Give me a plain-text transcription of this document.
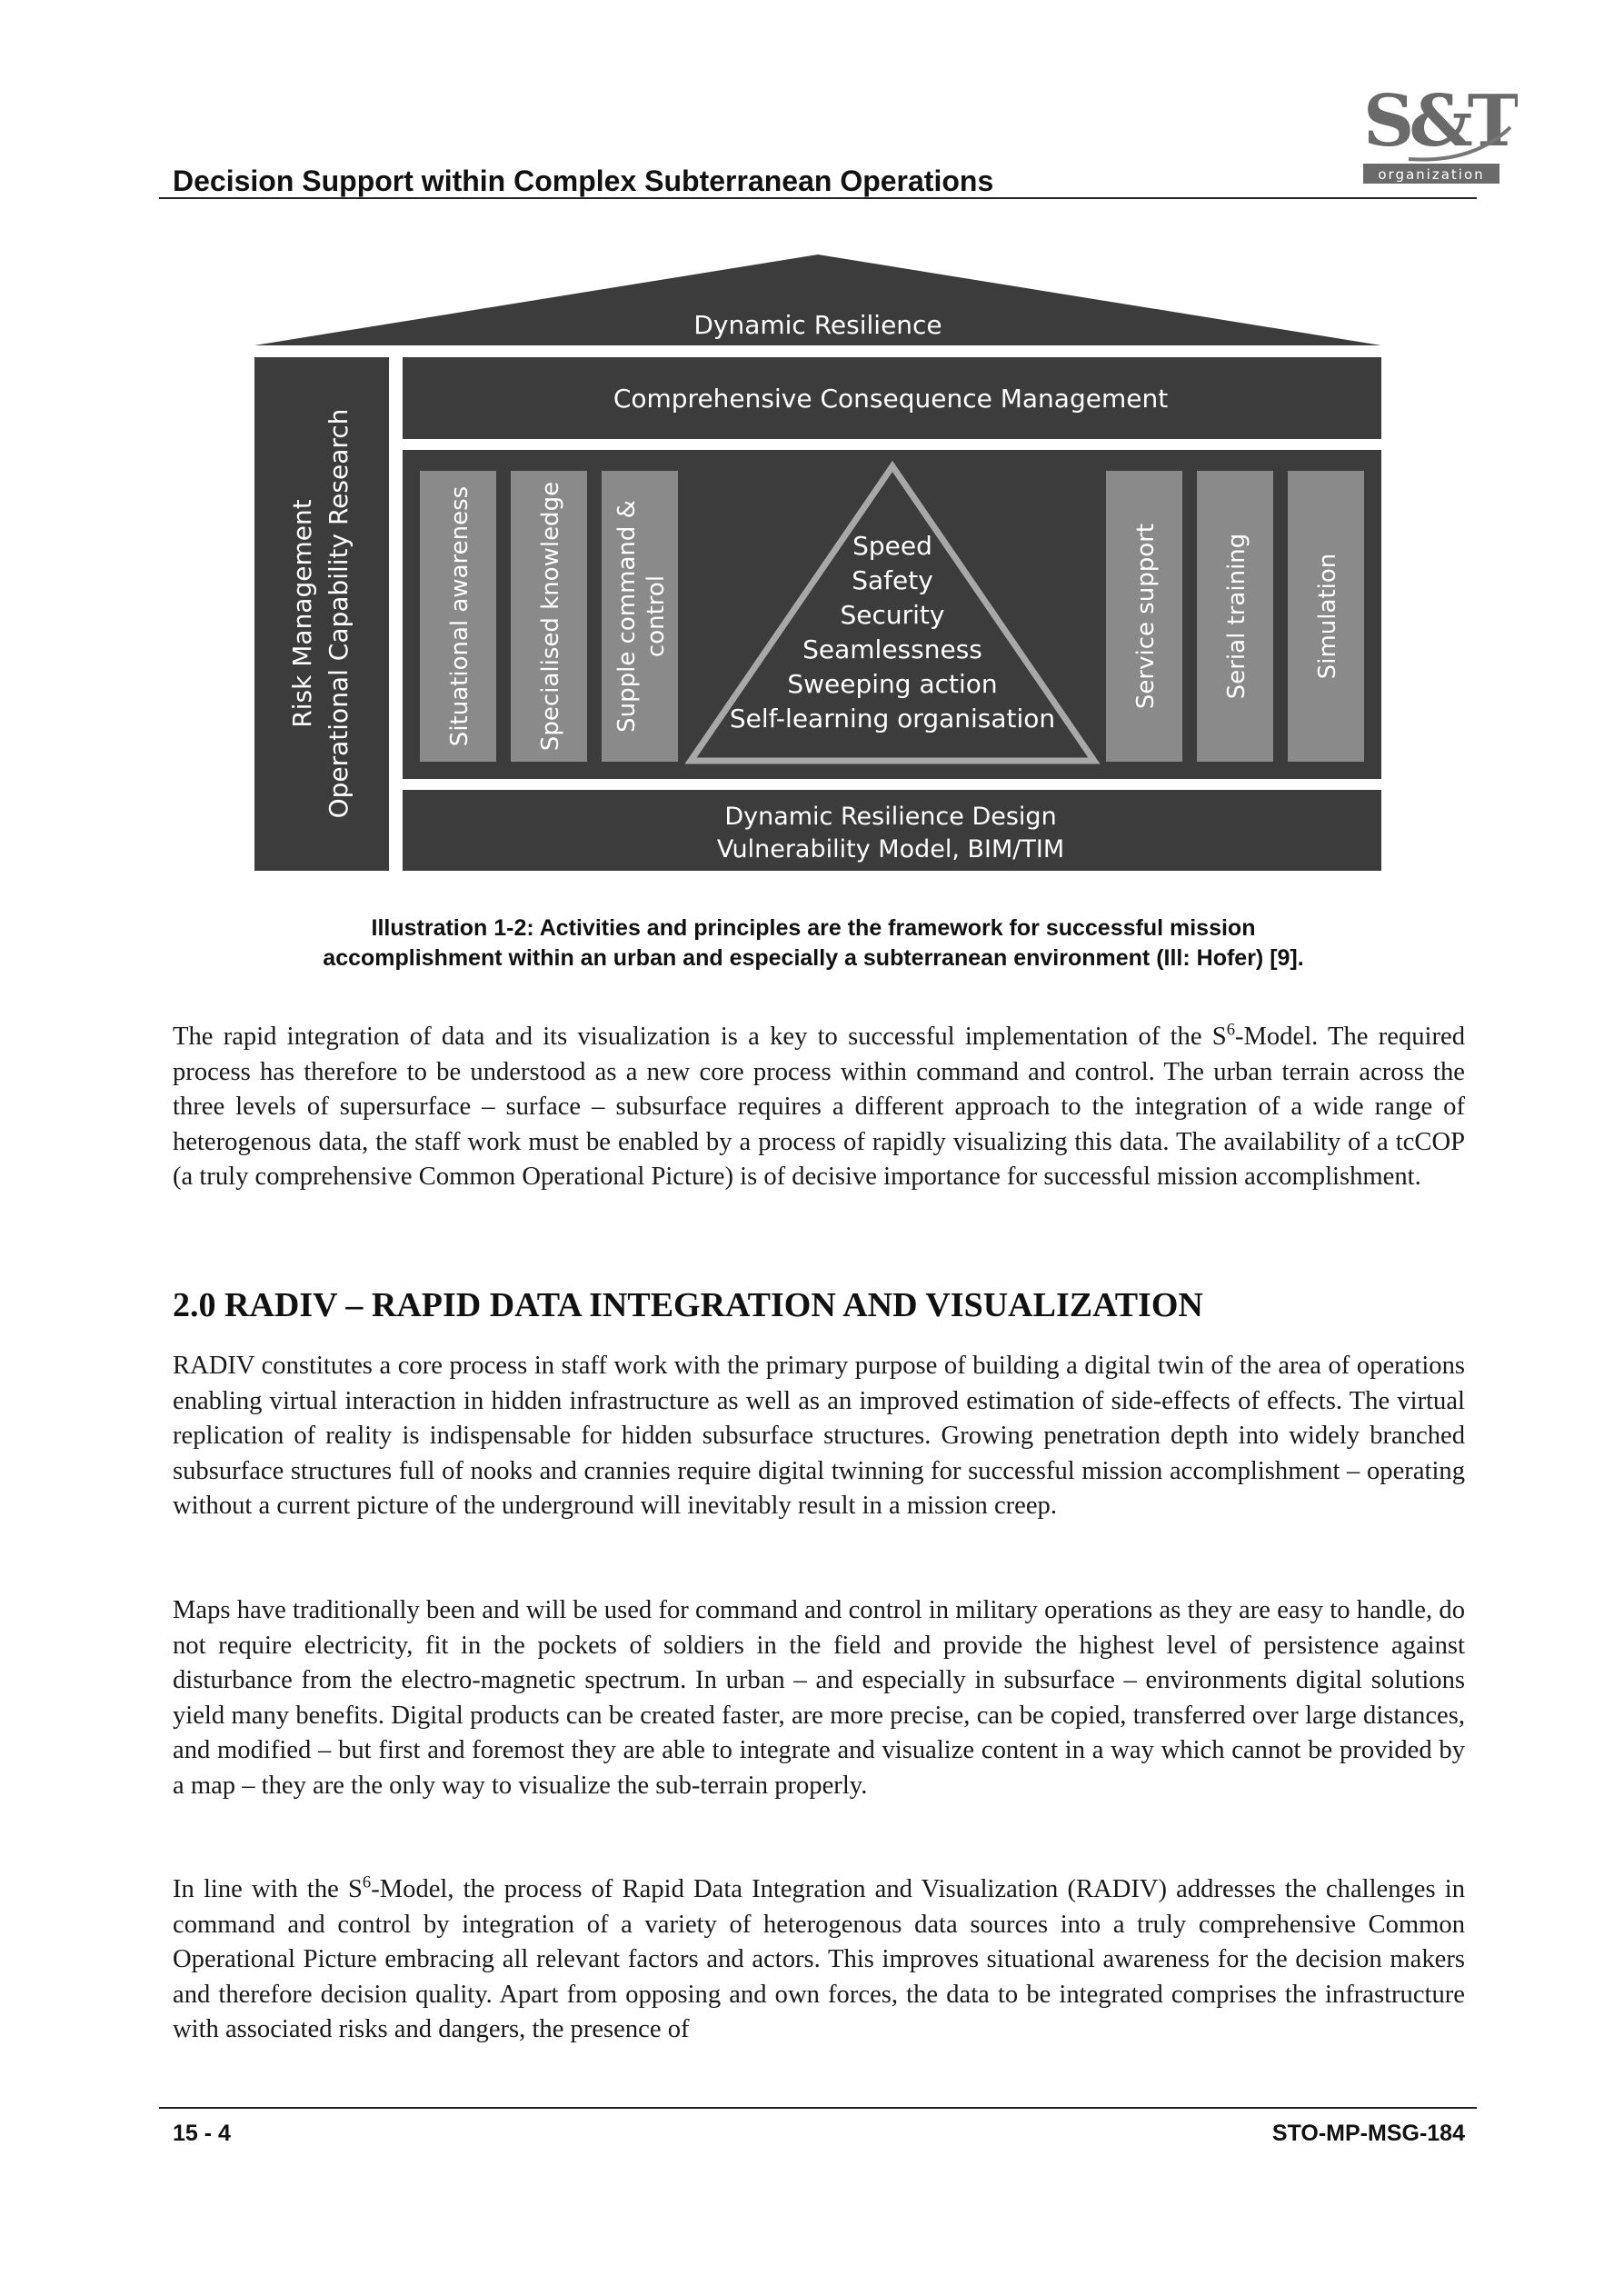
Decision Support within Complex Subterranean Operations
S&T
organization
Dynamic Resilience
Risk Management Operational Capability Research
Comprehensive Consequence Management
Situational awareness	Specialised knowledge Supple command & control
Speed
Safety
Security
Seamlessness
Sweeping action
Self-learning organisation
Service support	Serial training	Simulation
Dynamic Resilience Design
Vulnerability Model, BIM/TIM
Illustration 1-2: Activities and principles are the framework for successful mission
accomplishment within an urban and especially a subterranean environment (Ill: Hofer) [9].
The rapid integration of data and its visualization is a key to successful implementation of the $S^6$-Model. The required process has therefore to be understood as a new core process within command and control. The urban terrain across the three levels of supersurface – surface – subsurface requires a different approach to the integration of a wide range of heterogenous data, the staff work must be enabled by a process of rapidly visualizing this data. The availability of a tcCOP (a truly comprehensive Common Operational Picture) is of decisive importance for successful mission accomplishment.
2.0 RADIV – RAPID DATA INTEGRATION AND VISUALIZATION
RADIV constitutes a core process in staff work with the primary purpose of building a digital twin of the area of operations enabling virtual interaction in hidden infrastructure as well as an improved estimation of side-effects of effects. The virtual replication of reality is indispensable for hidden subsurface structures. Growing penetration depth into widely branched subsurface structures full of nooks and crannies require digital twinning for successful mission accomplishment – operating without a current picture of the underground will inevitably result in a mission creep.
Maps have traditionally been and will be used for command and control in military operations as they are easy to handle, do not require electricity, fit in the pockets of soldiers in the field and provide the highest level of persistence against disturbance from the electro-magnetic spectrum. In urban – and especially in subsurface – environments digital solutions yield many benefits. Digital products can be created faster, are more precise, can be copied, transferred over large distances, and modified – but first and foremost they are able to integrate and visualize content in a way which cannot be provided by a map – they are the only way to visualize the sub-terrain properly.
In line with the $S^6$-Model, the process of Rapid Data Integration and Visualization (RADIV) addresses the challenges in command and control by integration of a variety of heterogenous data sources into a truly comprehensive Common Operational Picture embracing all relevant factors and actors. This improves situational awareness for the decision makers and therefore decision quality. Apart from opposing and own forces, the data to be integrated comprises the infrastructure with associated risks and dangers, the presence of
15 - 4	STO-MP-MSG-184
